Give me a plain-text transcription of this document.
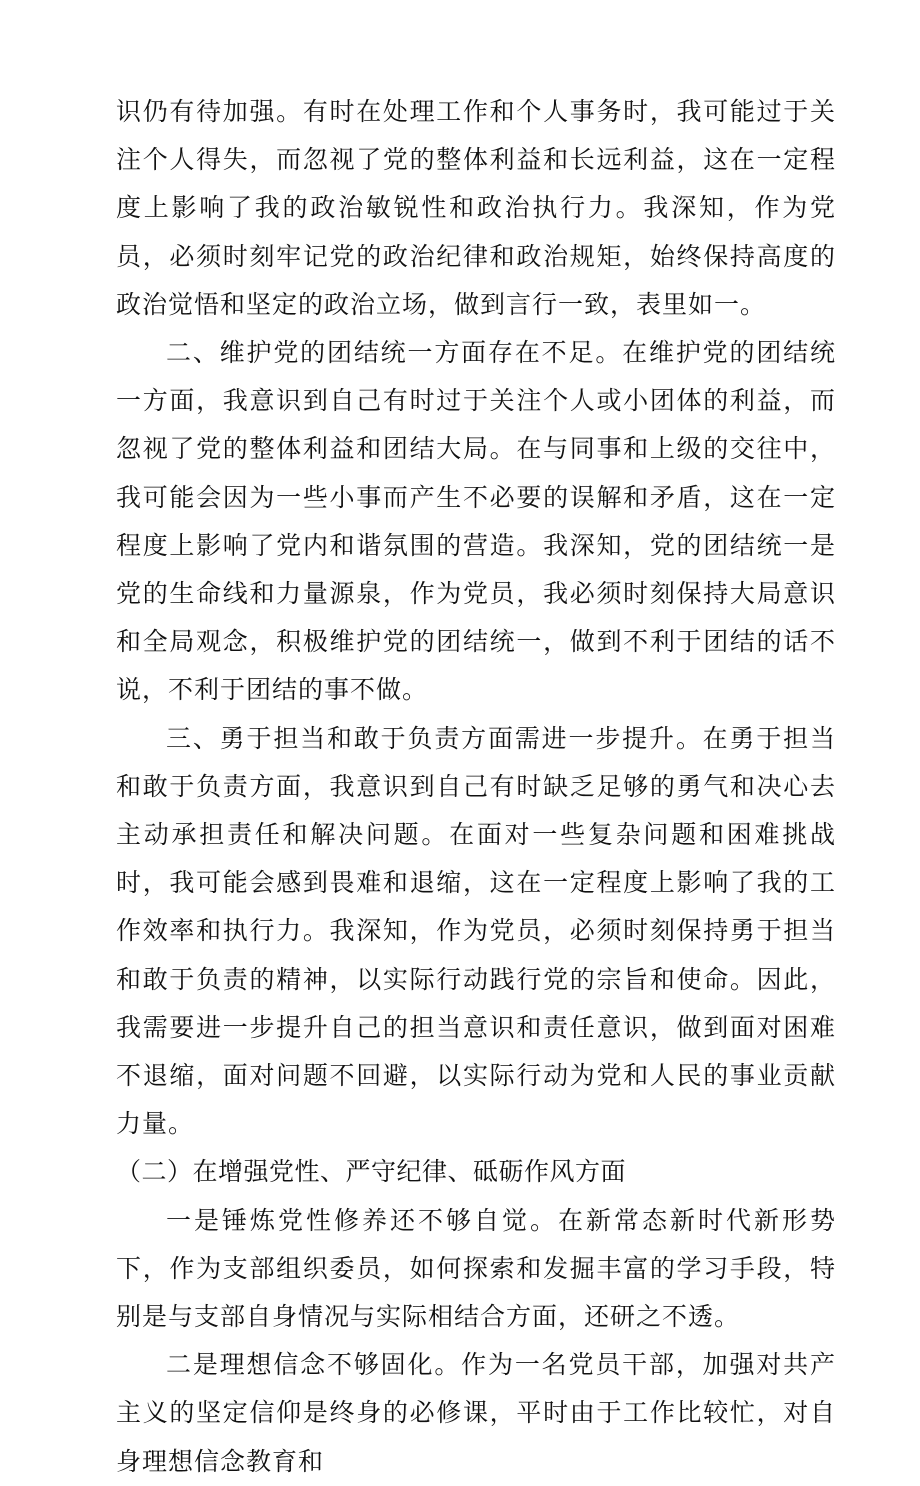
识仍有待加强。有时在处理工作和个人事务时，我可能过于关注个人得失，而忽视了党的整体利益和长远利益，这在一定程度上影响了我的政治敏锐性和政治执行力。我深知，作为党员，必须时刻牢记党的政治纪律和政治规矩，始终保持高度的政治觉悟和坚定的政治立场，做到言行一致，表里如一。

二、维护党的团结统一方面存在不足。在维护党的团结统一方面，我意识到自己有时过于关注个人或小团体的利益，而忽视了党的整体利益和团结大局。在与同事和上级的交往中，我可能会因为一些小事而产生不必要的误解和矛盾，这在一定程度上影响了党内和谐氛围的营造。我深知，党的团结统一是党的生命线和力量源泉，作为党员，我必须时刻保持大局意识和全局观念，积极维护党的团结统一，做到不利于团结的话不说，不利于团结的事不做。

三、勇于担当和敢于负责方面需进一步提升。在勇于担当和敢于负责方面，我意识到自己有时缺乏足够的勇气和决心去主动承担责任和解决问题。在面对一些复杂问题和困难挑战时，我可能会感到畏难和退缩，这在一定程度上影响了我的工作效率和执行力。我深知，作为党员，必须时刻保持勇于担当和敢于负责的精神，以实际行动践行党的宗旨和使命。因此，我需要进一步提升自己的担当意识和责任意识，做到面对困难不退缩，面对问题不回避，以实际行动为党和人民的事业贡献力量。

（二）在增强党性、严守纪律、砥砺作风方面

一是锤炼党性修养还不够自觉。在新常态新时代新形势下，作为支部组织委员，如何探索和发掘丰富的学习手段，特别是与支部自身情况与实际相结合方面，还研之不透。

二是理想信念不够固化。作为一名党员干部，加强对共产主义的坚定信仰是终身的必修课，平时由于工作比较忙，对自身理想信念教育和
